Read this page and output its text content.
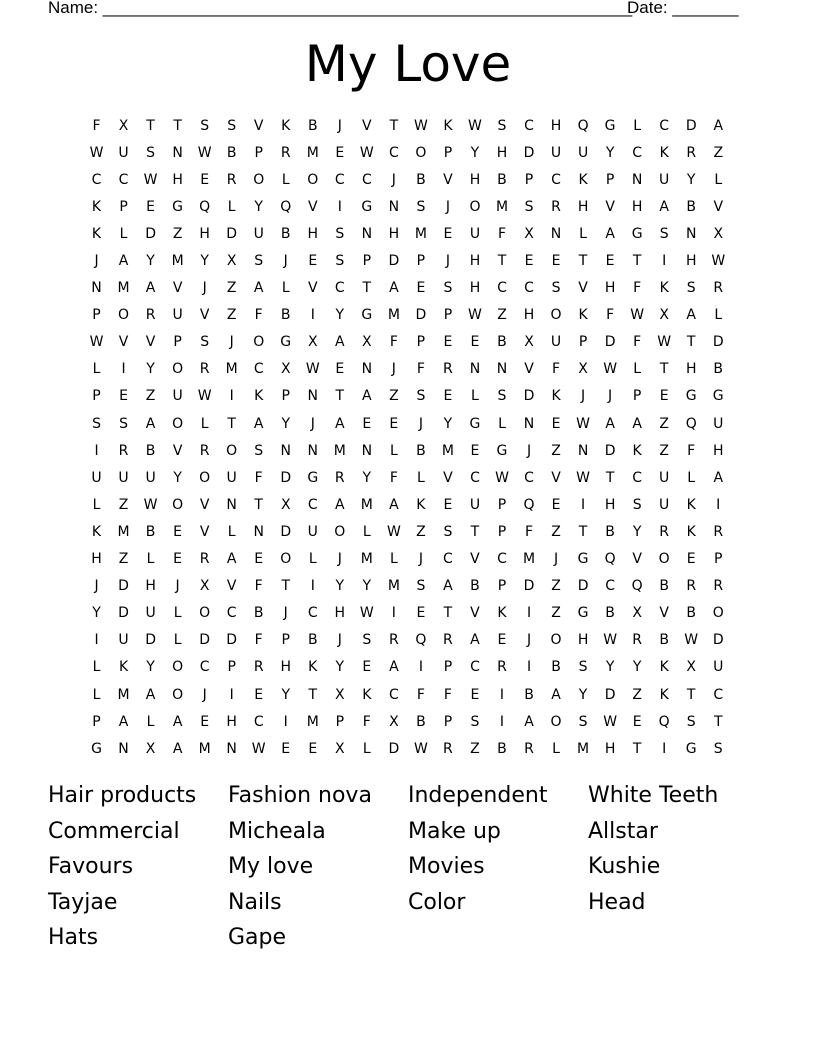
Name: ________________________________________________________
Date: _______
My Love
F	X	T	T	S	S	V	K	B	J	V	T	W	K	W	S	C	H	Q	G	L	C	D	A
W	U	S	N	W	B	P	R	M	E	W	C	O	P	Y	H	D	U	U	Y	C	K	R	Z
C	C	W	H	E	R	O	L	O	C	C	J	B	V	H	B	P	C	K	P	N	U	Y	L
K	P	E	G	Q	L	Y	Q	V	I	G	N	S	J	O	M	S	R	H	V	H	A	B	V
K	L	D	Z	H	D	U	B	H	S	N	H	M	E	U	F	X	N	L	A	G	S	N	X
J	A	Y	M	Y	X	S	J	E	S	P	D	P	J	H	T	E	E	T	E	T	I	H	W
N	M	A	V	J	Z	A	L	V	C	T	A	E	S	H	C	C	S	V	H	F	K	S	R
P	O	R	U	V	Z	F	B	I	Y	G	M	D	P	W	Z	H	O	K	F	W	X	A	L
W	V	V	P	S	J	O	G	X	A	X	F	P	E	E	B	X	U	P	D	F	W	T	D
L	I	Y	O	R	M	C	X	W	E	N	J	F	R	N	N	V	F	X	W	L	T	H	B
P	E	Z	U	W	I	K	P	N	T	A	Z	S	E	L	S	D	K	J	J	P	E	G	G
S	S	A	O	L	T	A	Y	J	A	E	E	J	Y	G	L	N	E	W	A	A	Z	Q	U
I	R	B	V	R	O	S	N	N	M	N	L	B	M	E	G	J	Z	N	D	K	Z	F	H
U	U	U	Y	O	U	F	D	G	R	Y	F	L	V	C	W	C	V	W	T	C	U	L	A
L	Z	W	O	V	N	T	X	C	A	M	A	K	E	U	P	Q	E	I	H	S	U	K	I
K	M	B	E	V	L	N	D	U	O	L	W	Z	S	T	P	F	Z	T	B	Y	R	K	R
H	Z	L	E	R	A	E	O	L	J	M	L	J	C	V	C	M	J	G	Q	V	O	E	P
J	D	H	J	X	V	F	T	I	Y	Y	M	S	A	B	P	D	Z	D	C	Q	B	R	R
Y	D	U	L	O	C	B	J	C	H	W	I	E	T	V	K	I	Z	G	B	X	V	B	O
I	U	D	L	D	D	F	P	B	J	S	R	Q	R	A	E	J	O	H	W	R	B	W	D
L	K	Y	O	C	P	R	H	K	Y	E	A	I	P	C	R	I	B	S	Y	Y	K	X	U
L	M	A	O	J	I	E	Y	T	X	K	C	F	F	E	I	B	A	Y	D	Z	K	T	C
P	A	L	A	E	H	C	I	M	P	F	X	B	P	S	I	A	O	S	W	E	Q	S	T
G	N	X	A	M	N	W	E	E	X	L	D	W	R	Z	B	R	L	M	H	T	I	G	S
Hair products	Fashion nova	Independent	White Teeth
Commercial	Micheala	Make up	Allstar
Favours	My love	Movies	Kushie
Tayjae	Nails	Color	Head
Hats	Gape
